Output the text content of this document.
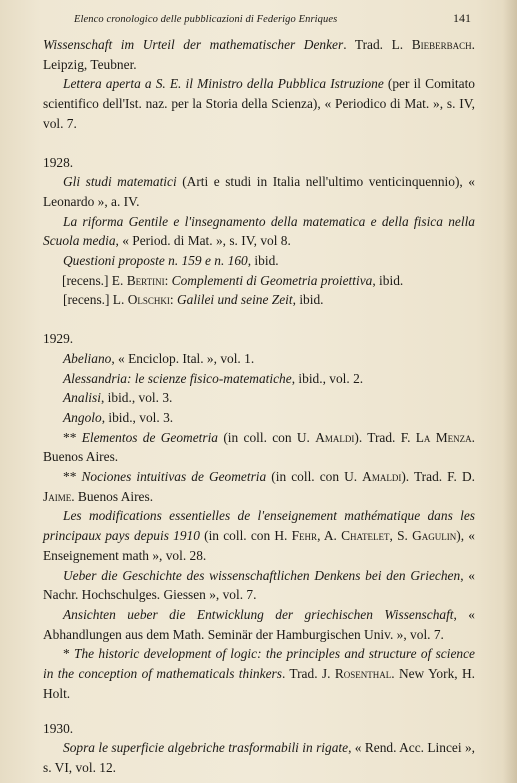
Elenco cronologico delle pubblicazioni di Federigo Enriques	141
Wissenschaft im Urteil der mathematischer Denker. Trad. L. Bieberbach. Leipzig, Teubner.
Lettera aperta a S. E. il Ministro della Pubblica Istruzione (per il Comitato scientifico dell'Ist. naz. per la Storia della Scienza), « Periodico di Mat. », s. IV, vol. 7.
1928.
Gli studi matematici (Arti e studi in Italia nell'ultimo venticinquennio), « Leonardo », a. IV.
La riforma Gentile e l'insegnamento della matematica e della fisica nella Scuola media, « Period. di Mat. », s. IV, vol 8.
Questioni proposte n. 159 e n. 160, ibid.
[recens.] E. Bertini: Complementi di Geometria proiettiva, ibid.
[recens.] L. Olschki: Galilei und seine Zeit, ibid.
1929.
Abeliano, « Enciclop. Ital. », vol. 1.
Alessandria: le scienze fisico-matematiche, ibid., vol. 2.
Analisi, ibid., vol. 3.
Angolo, ibid., vol. 3.
** Elementos de Geometria (in coll. con U. Amaldi). Trad. F. La Menza. Buenos Aires.
** Nociones intuitivas de Geometria (in coll. con U. Amaldi). Trad. F. D. Jaime. Buenos Aires.
Les modifications essentielles de l'enseignement mathématique dans les principaux pays depuis 1910 (in coll. con H. Fehr, A. Chatelet, S. Gagulin), « Enseignement math », vol. 28.
Ueber die Geschichte des wissenschaftlichen Denkens bei den Griechen, « Nachr. Hochschulges. Giessen », vol. 7.
Ansichten ueber die Entwicklung der griechischen Wissenschaft, « Abhandlungen aus dem Math. Seminär der Hamburgischen Univ. », vol. 7.
* The historic development of logic: the principles and structure of science in the conception of mathematicals thinkers. Trad. J. Rosenthal. New York, H. Holt.
1930.
Sopra le superficie algebriche trasformabili in rigate, « Rend. Acc. Lincei », s. VI, vol. 12.
